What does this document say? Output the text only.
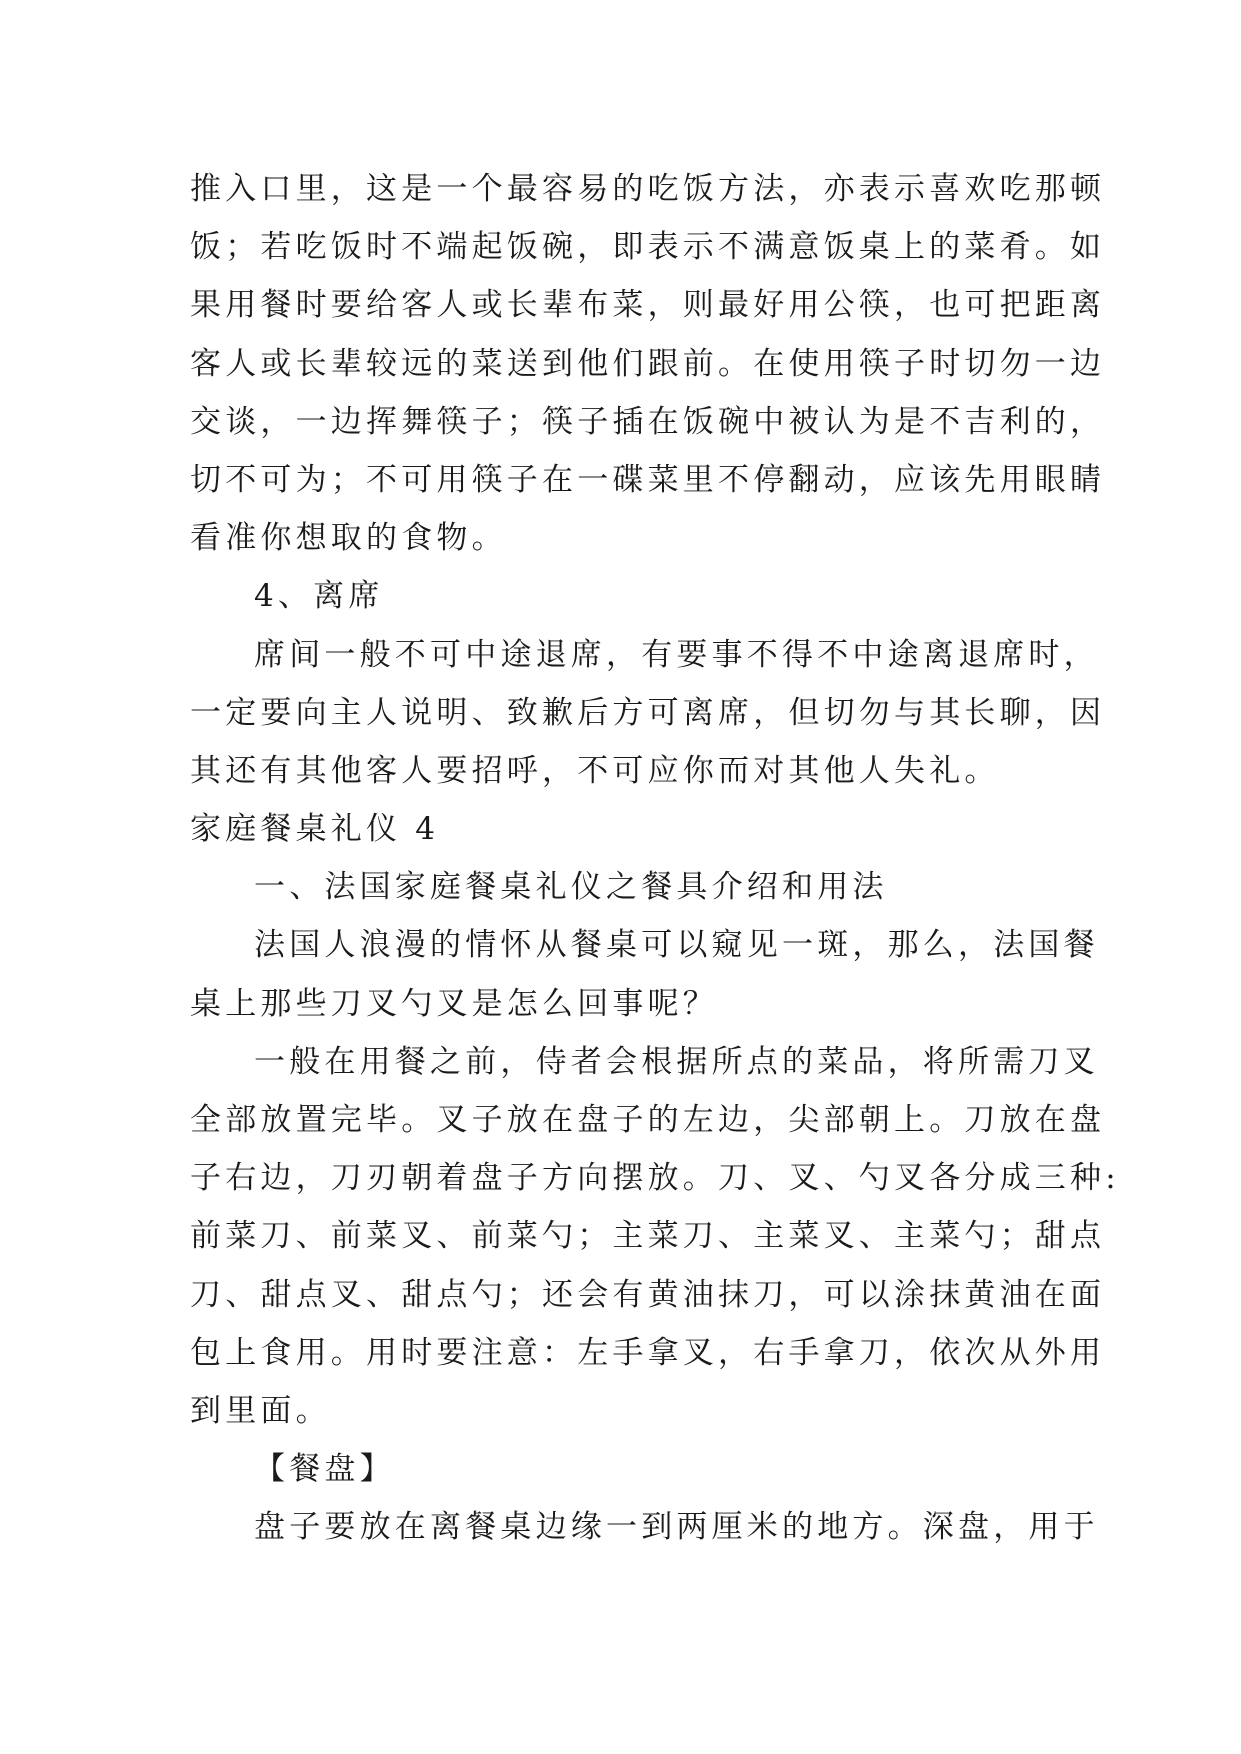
推入口里，这是一个最容易的吃饭方法，亦表示喜欢吃那顿
饭；若吃饭时不端起饭碗，即表示不满意饭桌上的菜肴。如
果用餐时要给客人或长辈布菜，则最好用公筷，也可把距离
客人或长辈较远的菜送到他们跟前。在使用筷子时切勿一边
交谈，一边挥舞筷子；筷子插在饭碗中被认为是不吉利的，
切不可为；不可用筷子在一碟菜里不停翻动，应该先用眼睛
看准你想取的食物。
4、离席
席间一般不可中途退席，有要事不得不中途离退席时，
一定要向主人说明、致歉后方可离席，但切勿与其长聊，因
其还有其他客人要招呼，不可应你而对其他人失礼。
家庭餐桌礼仪 4
一、法国家庭餐桌礼仪之餐具介绍和用法
法国人浪漫的情怀从餐桌可以窥见一斑，那么，法国餐
桌上那些刀叉勺叉是怎么回事呢？
一般在用餐之前，侍者会根据所点的菜品，将所需刀叉
全部放置完毕。叉子放在盘子的左边，尖部朝上。刀放在盘
子右边，刀刃朝着盘子方向摆放。刀、叉、勺叉各分成三种:
前菜刀、前菜叉、前菜勺；主菜刀、主菜叉、主菜勺；甜点
刀、甜点叉、甜点勺；还会有黄油抹刀，可以涂抹黄油在面
包上食用。用时要注意：左手拿叉，右手拿刀，依次从外用
到里面。
【餐盘】
盘子要放在离餐桌边缘一到两厘米的地方。深盘，用于
